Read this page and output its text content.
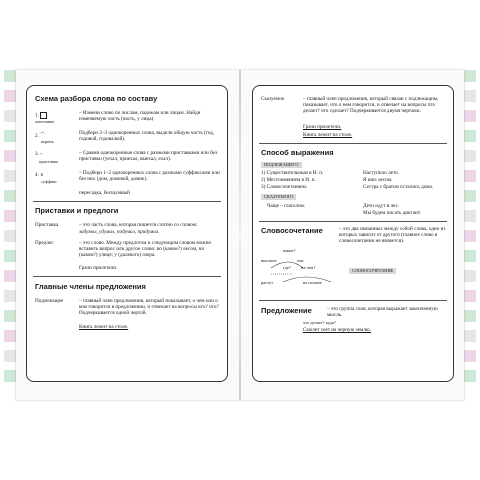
Схема разбора слова по составу
1.
окончание
– Измени слово по числам, падежам или лицам. Найди изменяемую часть (часть, у лица).
2. ⌒
корень
Подбери 2–3 однокоренных слова, выдели общую часть (год, годовой, годовалый).
3. ⌐
приставка
– Сравни однокоренные слова с разными приставками или без приставки (уехал, приехал, выехал, ехал).
4. ∧
суффикс
– Подбери 1–2 однокоренных слова с разными суффиксами или без них (дом, домовой, домик).
пересадка, бесшумный
Приставки и предлоги
Приставка	– это часть слова, которая пишется слитно со словом:
задумал, удумал, подумал, придумал.
Предлог	– это слово. Между предлогом и следующим словом можно вставить вопрос или другое слово: во (каком?) лесом, на (каком?) улице; у (далекого) озера.
Грачи прилетели.
Главные члены предложения
Подлежащее	– главный член предложения, который показывает, о чем или о ком говорится в предложении, и отвечает на вопросы кто? что? Подчеркивается одной чертой.
Книга лежит на столе.
Сказуемое	– главный член предложения, который связан с подлежащим, показывает, что о нем говорится, и отвечает на вопросы что делает? что сделает? Подчеркивается двумя чертами.
Грачи прилетели.
Книга лежит на столе.
Способ выражения
ПОДЛЕЖАЩЕГО
1) Существительным в И. п.	Наступило лето.
2) Местоимением в И. п.	Я шел лесом.
3) Словосочетанием.	Сестра с братом остались дома.
СКАЗУЕМОГО
Чаще – глаголом.	Дети идут в лес.
Мы будем писать диктант.
Словосочетание	– это два связанных между собой слова, одно из которых зависит от другого (главное слово в словосочетании не является).
какие?
высокие	ели
где? на чем?
растут	на полине
СЛОВОСОЧЕТАНИЕ
Предложение	– это группа слов, которая выражает законченную мысль.
что делает? куда?
Смолет сеет на черную землю.
